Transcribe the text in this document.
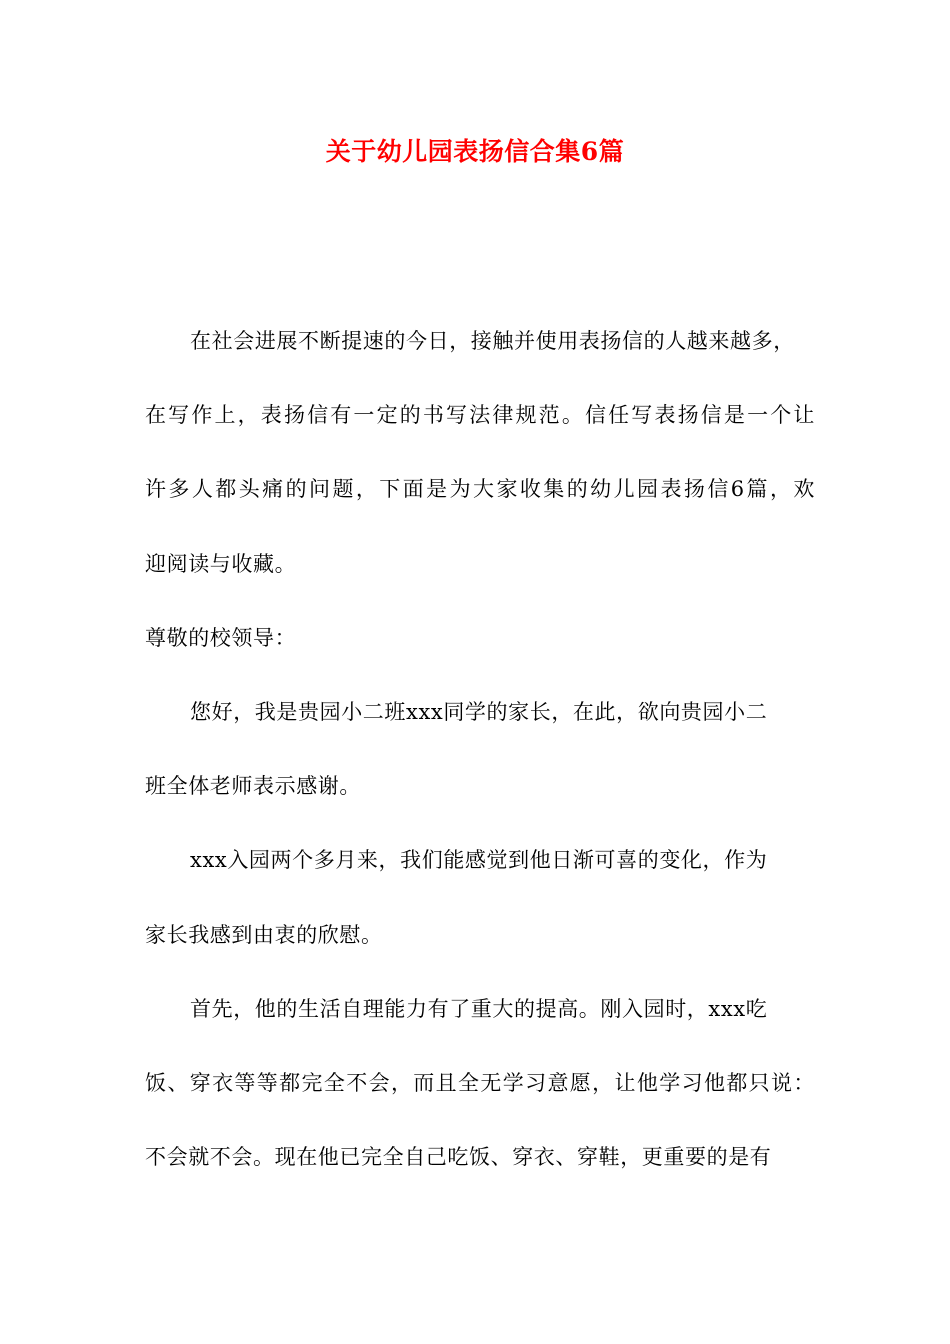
关于幼儿园表扬信合集6篇
在社会进展不断提速的今日，接触并使用表扬信的人越来越多，
在写作上，表扬信有一定的书写法律规范。信任写表扬信是一个让
许多人都头痛的问题，下面是为大家收集的幼儿园表扬信6篇，欢
迎阅读与收藏。
尊敬的校领导：
您好，我是贵园小二班xxx同学的家长，在此，欲向贵园小二
班全体老师表示感谢。
xxx入园两个多月来，我们能感觉到他日渐可喜的变化，作为
家长我感到由衷的欣慰。
首先，他的生活自理能力有了重大的提高。刚入园时，xxx吃
饭、穿衣等等都完全不会，而且全无学习意愿，让他学习他都只说：
不会就不会。现在他已完全自己吃饭、穿衣、穿鞋，更重要的是有
